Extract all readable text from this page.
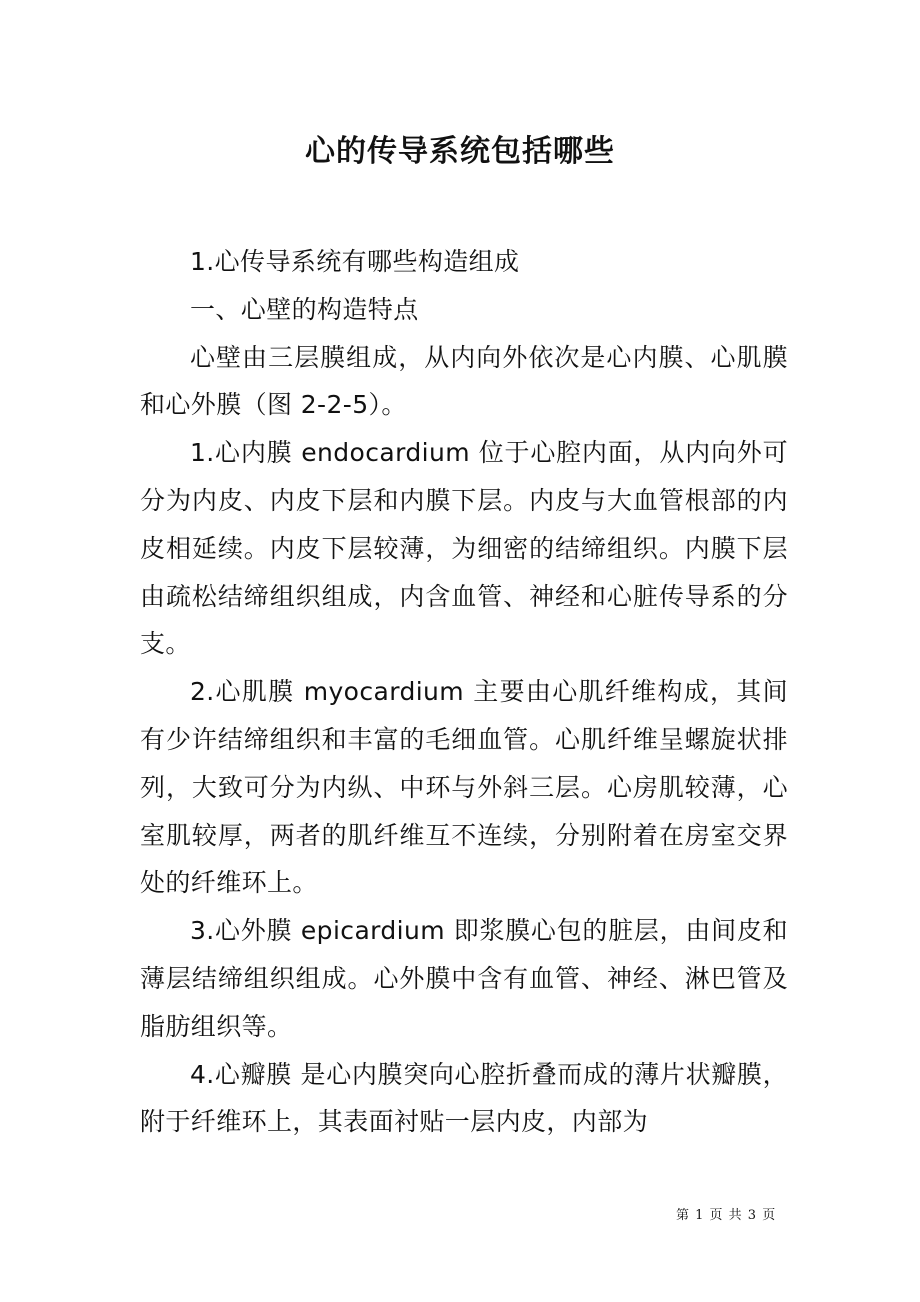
心的传导系统包括哪些

1.心传导系统有哪些构造组成

一、心壁的构造特点

心壁由三层膜组成，从内向外依次是心内膜、心肌膜和心外膜（图 2-2-5）。

1.心内膜 endocardium 位于心腔内面，从内向外可分为内皮、内皮下层和内膜下层。内皮与大血管根部的内皮相延续。内皮下层较薄，为细密的结缔组织。内膜下层由疏松结缔组织组成，内含血管、神经和心脏传导系的分支。

2.心肌膜 myocardium 主要由心肌纤维构成，其间有少许结缔组织和丰富的毛细血管。心肌纤维呈螺旋状排列，大致可分为内纵、中环与外斜三层。心房肌较薄，心室肌较厚，两者的肌纤维互不连续，分别附着在房室交界处的纤维环上。

3.心外膜 epicardium 即浆膜心包的脏层，由间皮和薄层结缔组织组成。心外膜中含有血管、神经、淋巴管及脂肪组织等。

4.心瓣膜 是心内膜突向心腔折叠而成的薄片状瓣膜，附于纤维环上，其表面衬贴一层内皮，内部为

第 1 页 共 3 页
